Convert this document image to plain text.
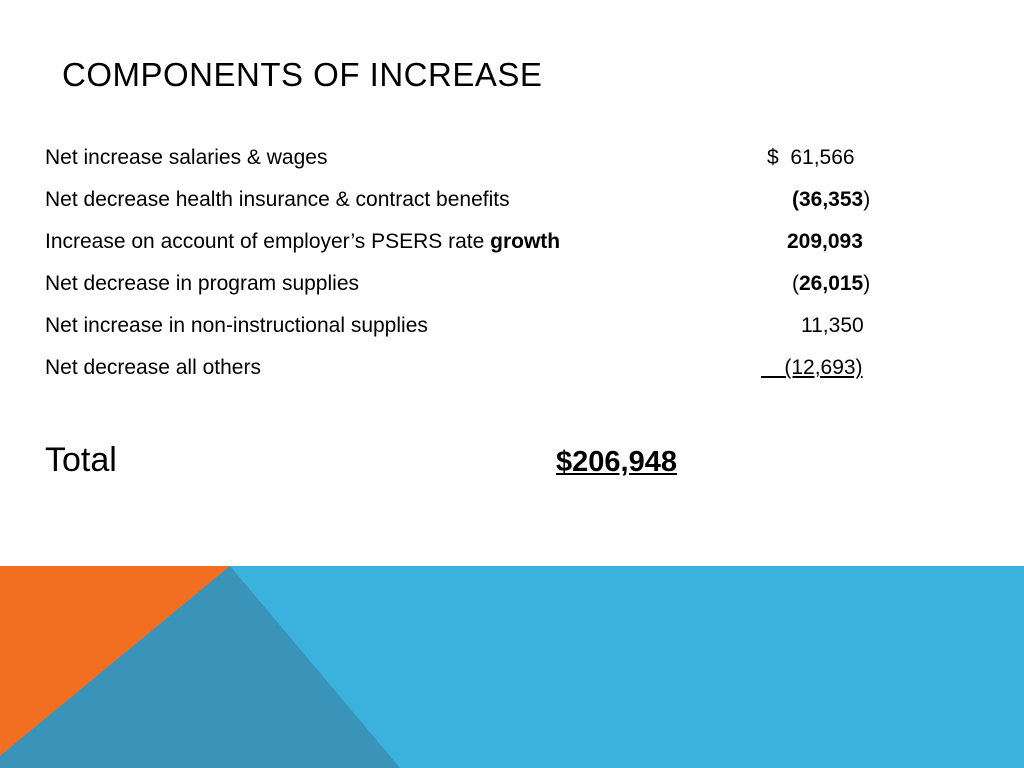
COMPONENTS OF INCREASE
Net increase salaries & wages	$  61,566
Net decrease health insurance & contract benefits	(36,353)
Increase on account of employer’s PSERS rate growth	209,093
Net decrease in program supplies	(26,015)
Net increase in non-instructional supplies	11,350
Net decrease all others	(12,693)
Total	$206,948
